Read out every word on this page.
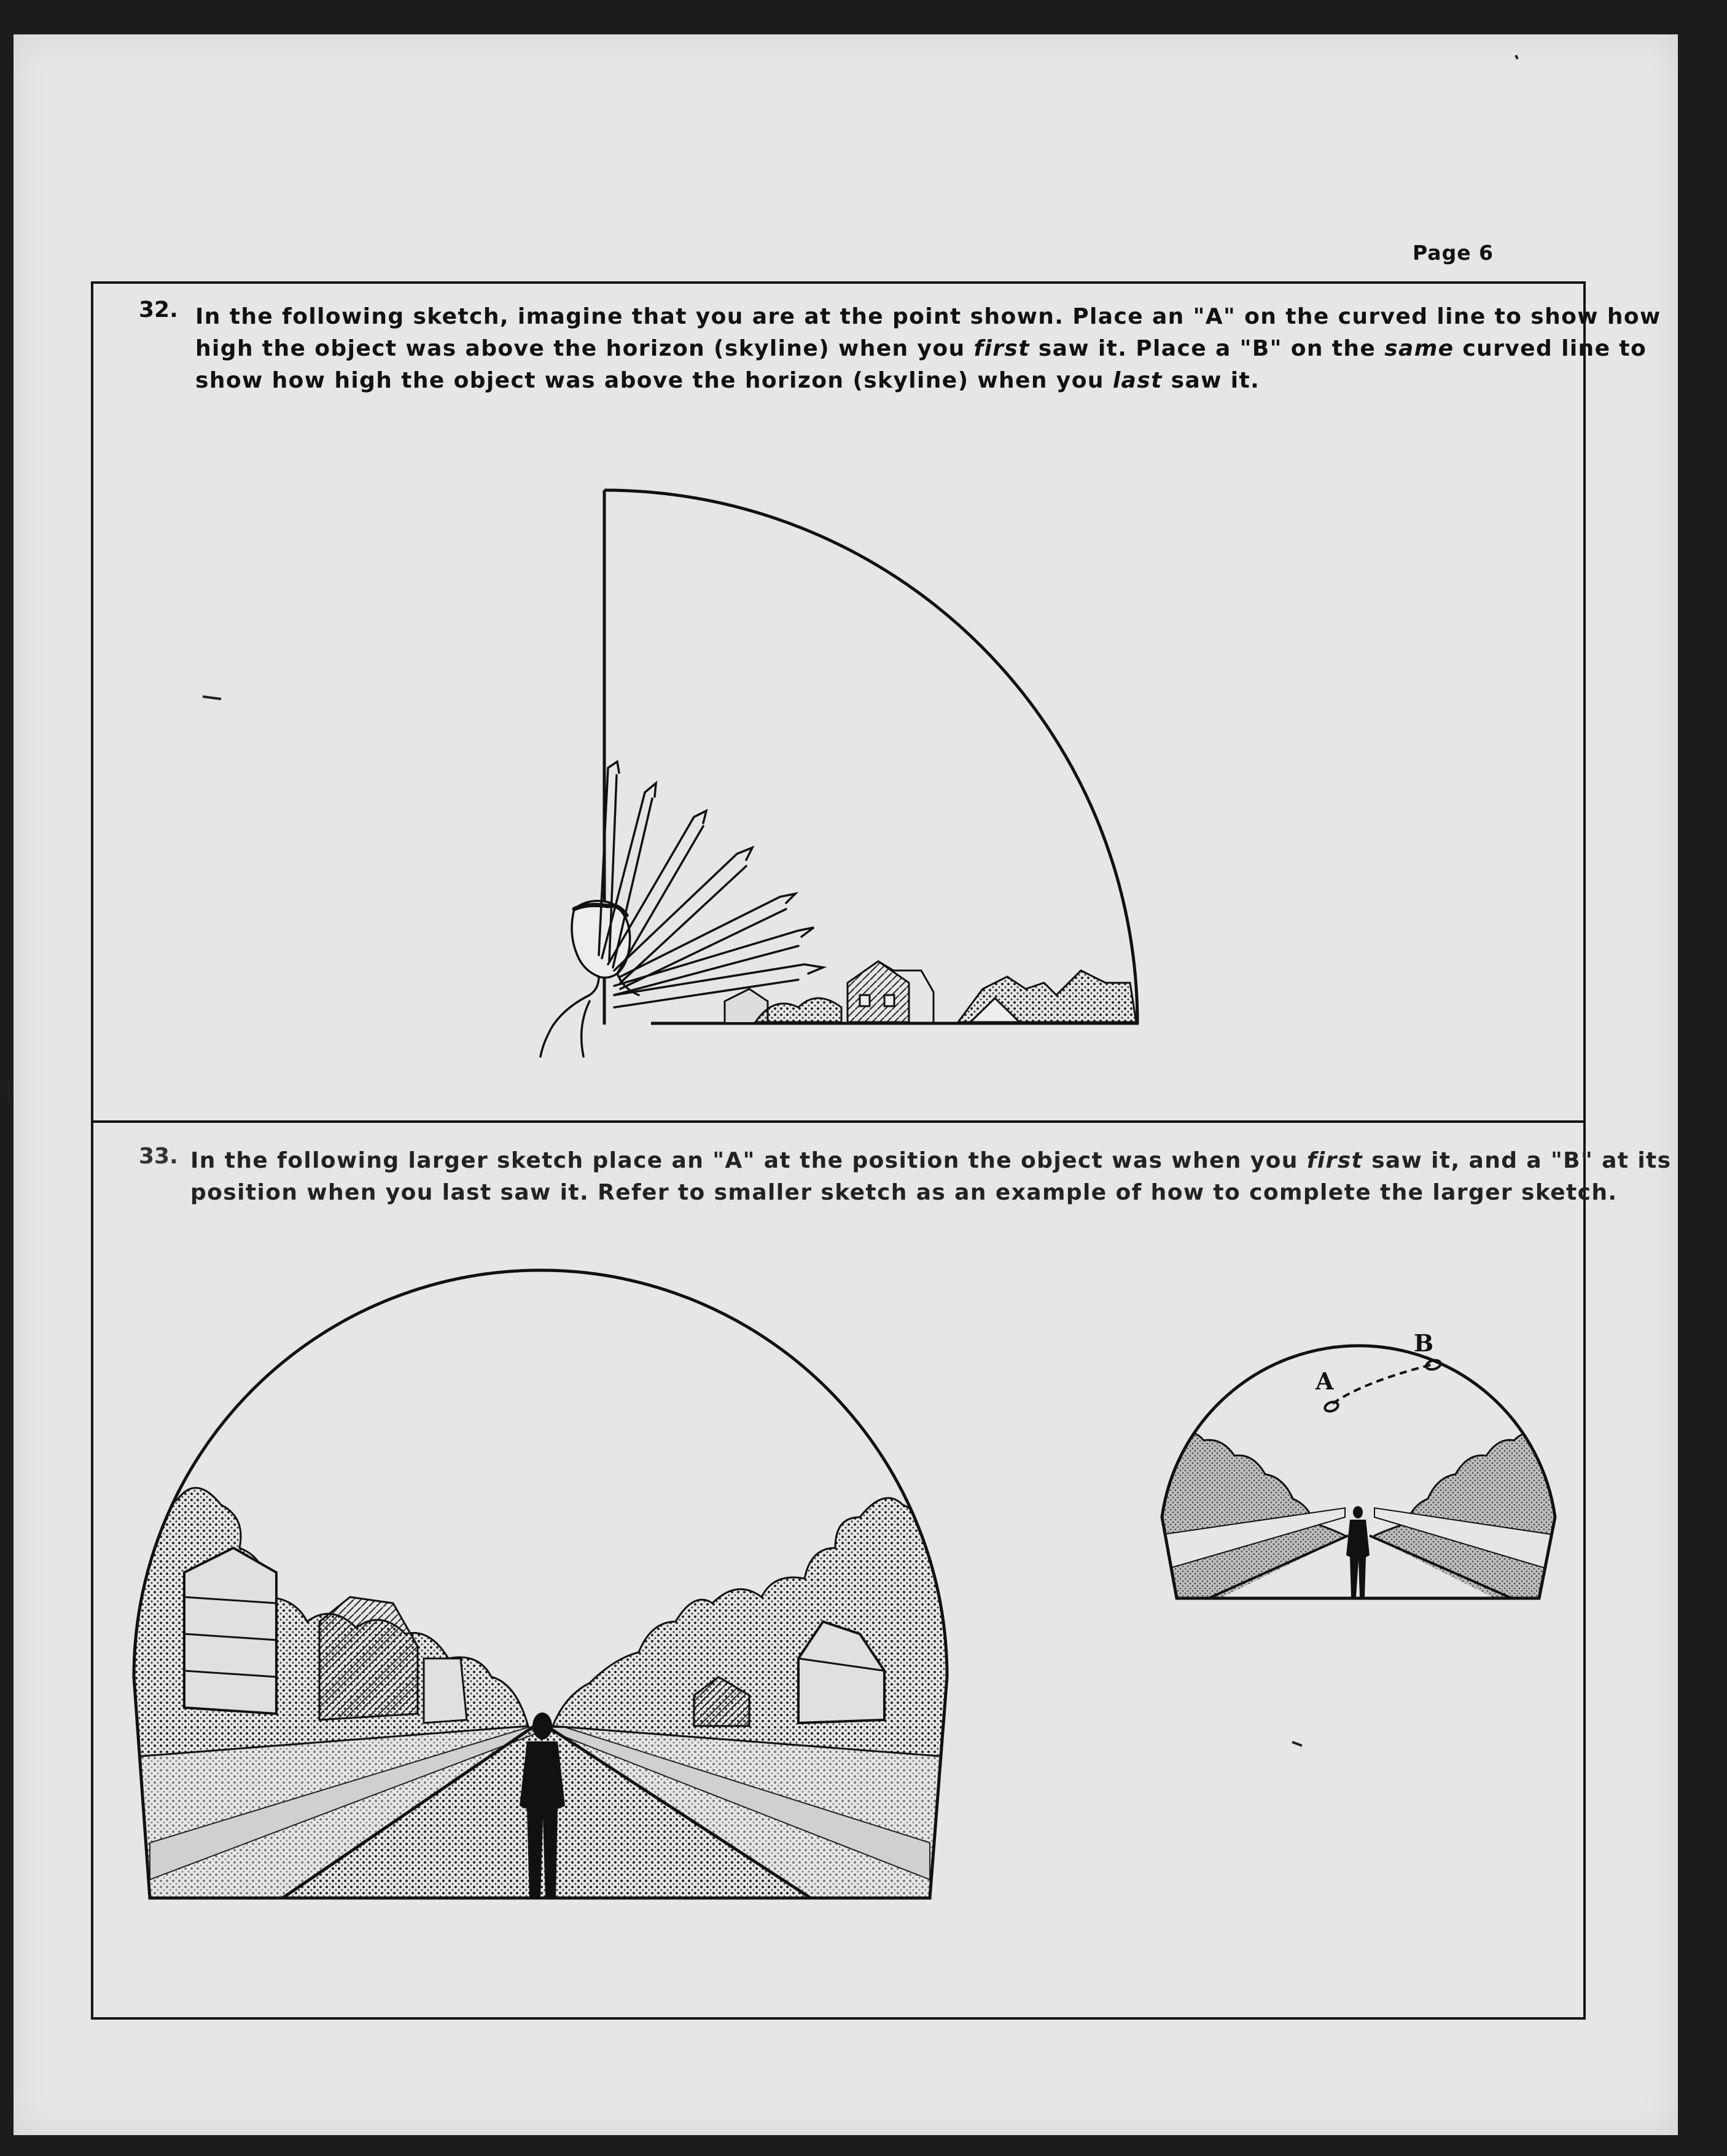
Page 6
32. In the following sketch, imagine that you are at the point shown. Place an "A" on the curved line to show how

high the object was above the horizon (skyline) when you first saw it. Place a "B" on the same curved line to

show how high the object was above the horizon (skyline) when you last saw it.

33. In the following larger sketch place an "A" at the position the object was when you first saw it, and a "B" at its

position when you last saw it. Refer to smaller sketch as an example of how to complete the larger sketch.

A
B
